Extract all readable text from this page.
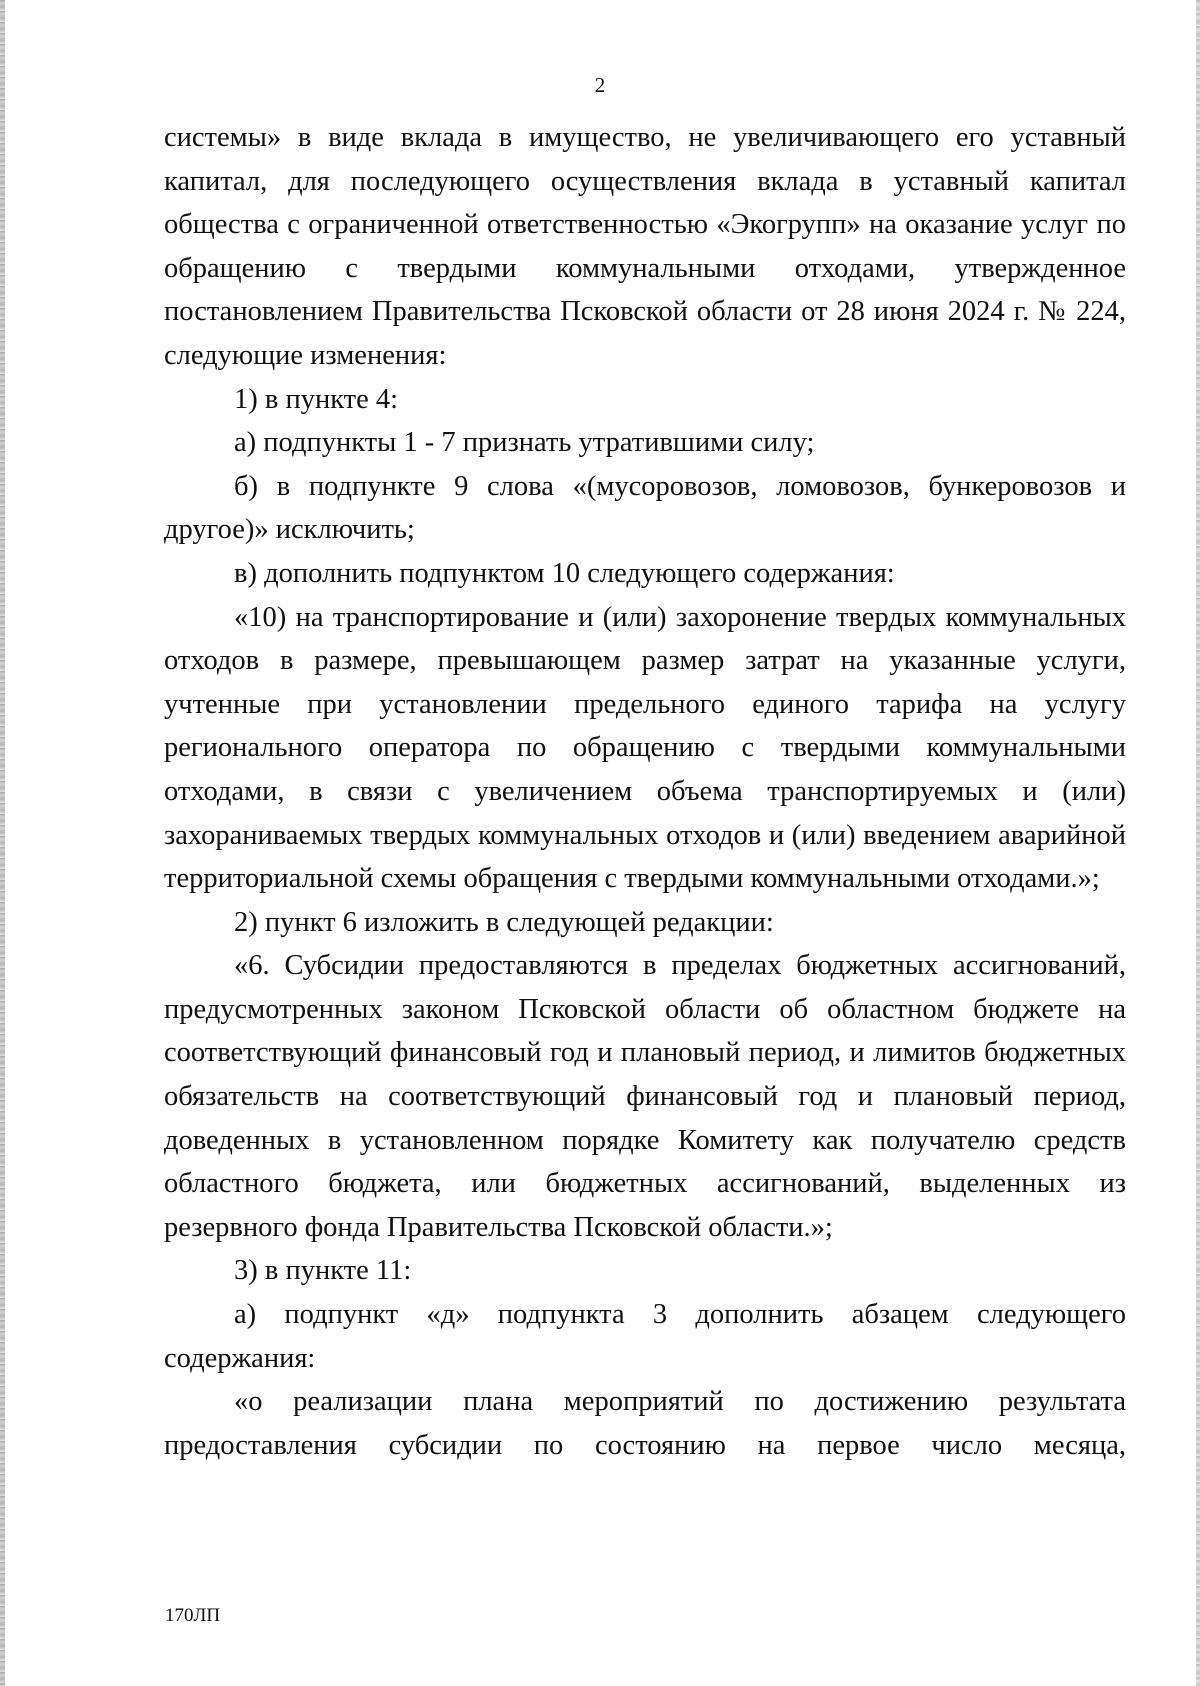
2

системы» в виде вклада в имущество, не увеличивающего его уставный капитал, для последующего осуществления вклада в уставный капитал общества с ограниченной ответственностью «Экогрупп» на оказание услуг по обращению с твердыми коммунальными отходами, утвержденное постановлением Правительства Псковской области от 28 июня 2024 г. № 224, следующие изменения:

1) в пункте 4:

а) подпункты 1 - 7 признать утратившими силу;

б) в подпункте 9 слова «(мусоровозов, ломовозов, бункеровозов и другое)» исключить;

в) дополнить подпунктом 10 следующего содержания:

«10) на транспортирование и (или) захоронение твердых коммунальных отходов в размере, превышающем размер затрат на указанные услуги, учтенные при установлении предельного единого тарифа на услугу регионального оператора по обращению с твердыми коммунальными отходами, в связи с увеличением объема транспортируемых и (или) захораниваемых твердых коммунальных отходов и (или) введением аварийной территориальной схемы обращения с твердыми коммунальными отходами.»;

2) пункт 6 изложить в следующей редакции:

«6. Субсидии предоставляются в пределах бюджетных ассигнований, предусмотренных законом Псковской области об областном бюджете на соответствующий финансовый год и плановый период, и лимитов бюджетных обязательств на соответствующий финансовый год и плановый период, доведенных в установленном порядке Комитету как получателю средств областного бюджета, или бюджетных ассигнований, выделенных из резервного фонда Правительства Псковской области.»;

3) в пункте 11:

а) подпункт «д» подпункта 3 дополнить абзацем следующего содержания:

«о реализации плана мероприятий по достижению результата предоставления субсидии по состоянию на первое число месяца,

170ЛП
